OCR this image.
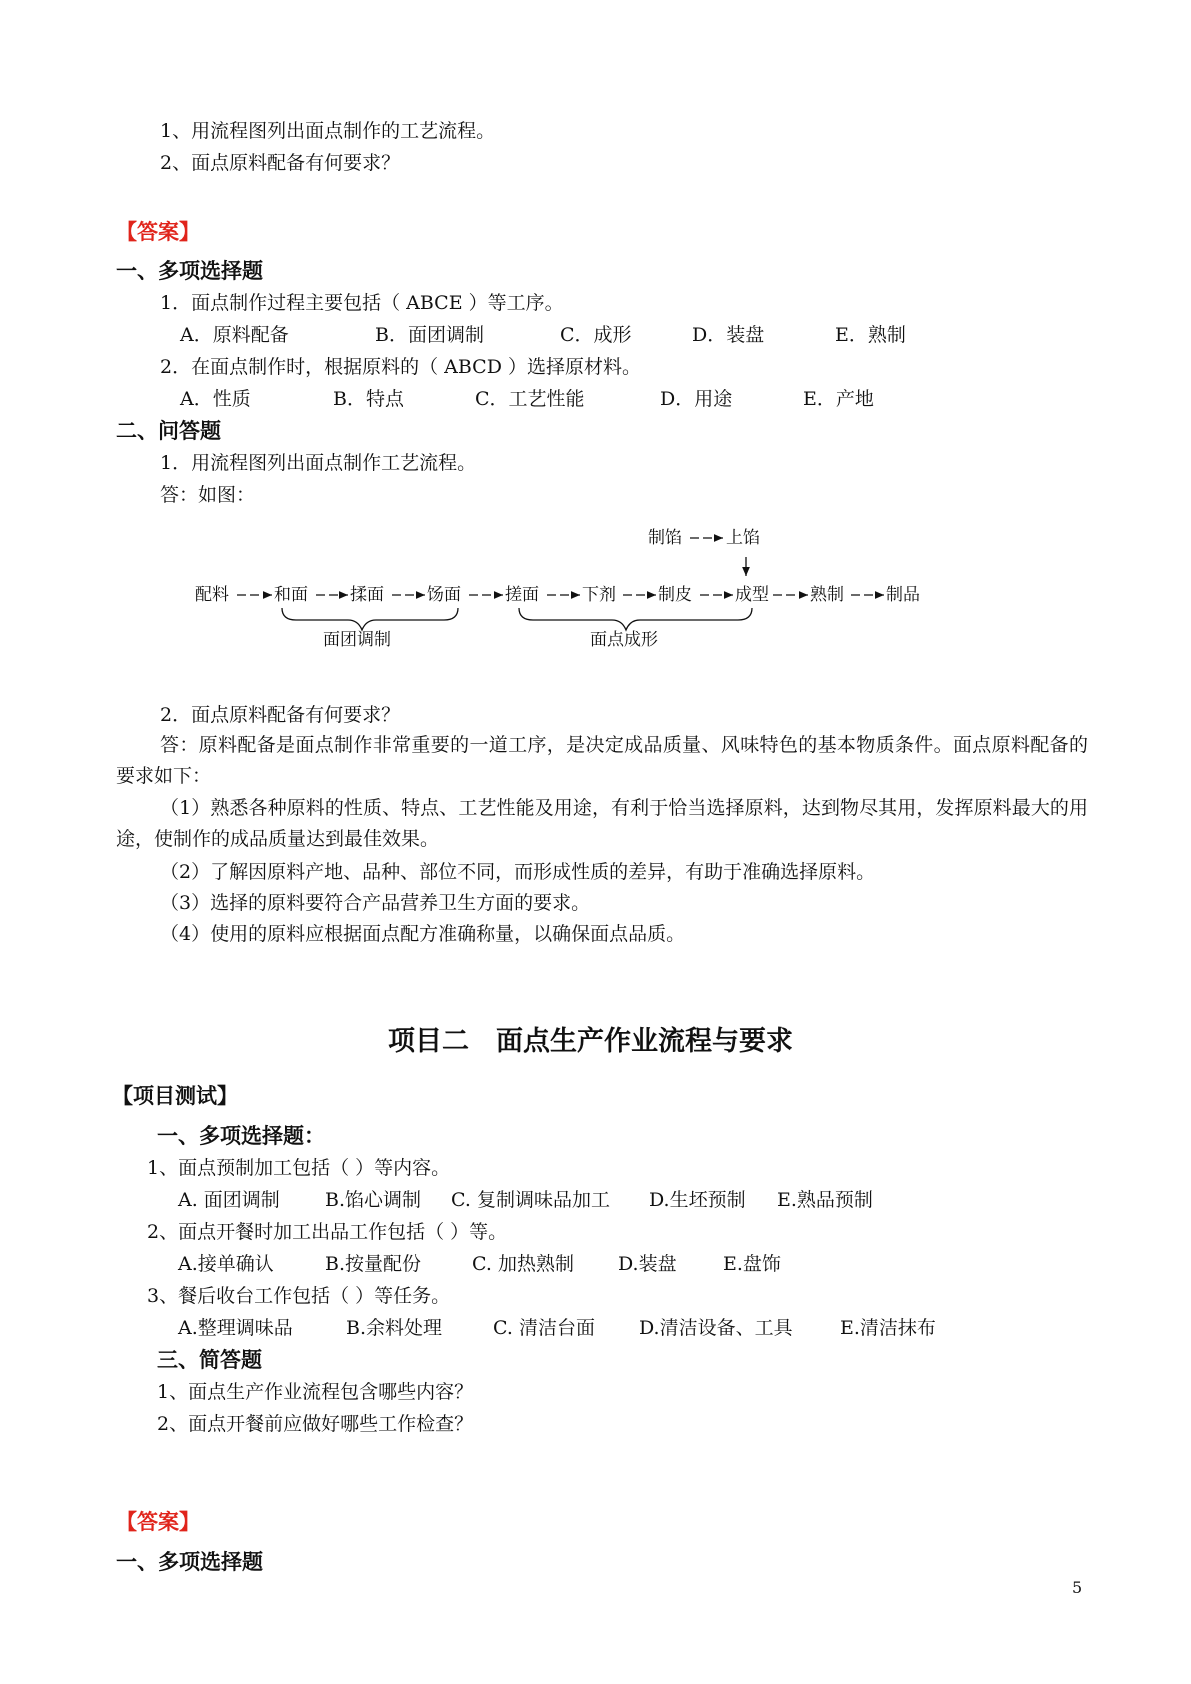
1、用流程图列出面点制作的工艺流程。
2、面点原料配备有何要求？
【答案】
一、多项选择题
1．面点制作过程主要包括（ ABCE ）等工序。
A．原料配备	B．面团调制	C．成形	D．装盘	E．熟制
2．在面点制作时，根据原料的（ ABCD ）选择原材料。
A．性质	B．特点	C．工艺性能	D．用途	E．产地
二、问答题
1．用流程图列出面点制作工艺流程。
答：如图：
配料	和面 揉面	饧面	搓面	下剂 制皮	成型 熟制 制品
制馅	上馅
面团调制	面点成形
2．面点原料配备有何要求？
答：原料配备是面点制作非常重要的一道工序，是决定成品质量、风味特色的基本物质条件。面点原料配备的要求如下：
（1）熟悉各种原料的性质、特点、工艺性能及用途，有利于恰当选择原料，达到物尽其用，发挥原料最大的用途，使制作的成品质量达到最佳效果。
（2）了解因原料产地、品种、部位不同，而形成性质的差异，有助于准确选择原料。
（3）选择的原料要符合产品营养卫生方面的要求。
（4）使用的原料应根据面点配方准确称量，以确保面点品质。
项目二　面点生产作业流程与要求
【项目测试】
一、多项选择题：
1、面点预制加工包括（ ）等内容。
A. 面团调制 B.馅心调制 C. 复制调味品加工 D.生坯预制 E.熟品预制
2、面点开餐时加工出品工作包括（ ）等。
A.接单确认	B.按量配份	C. 加热熟制 D.装盘 E.盘饰
3、餐后收台工作包括（ ）等任务。
A.整理调味品	B.余料处理	C. 清洁台面 D.清洁设备、工具 E.清洁抹布
三、简答题
1、面点生产作业流程包含哪些内容？
2、面点开餐前应做好哪些工作检查？
【答案】
一、多项选择题
5
